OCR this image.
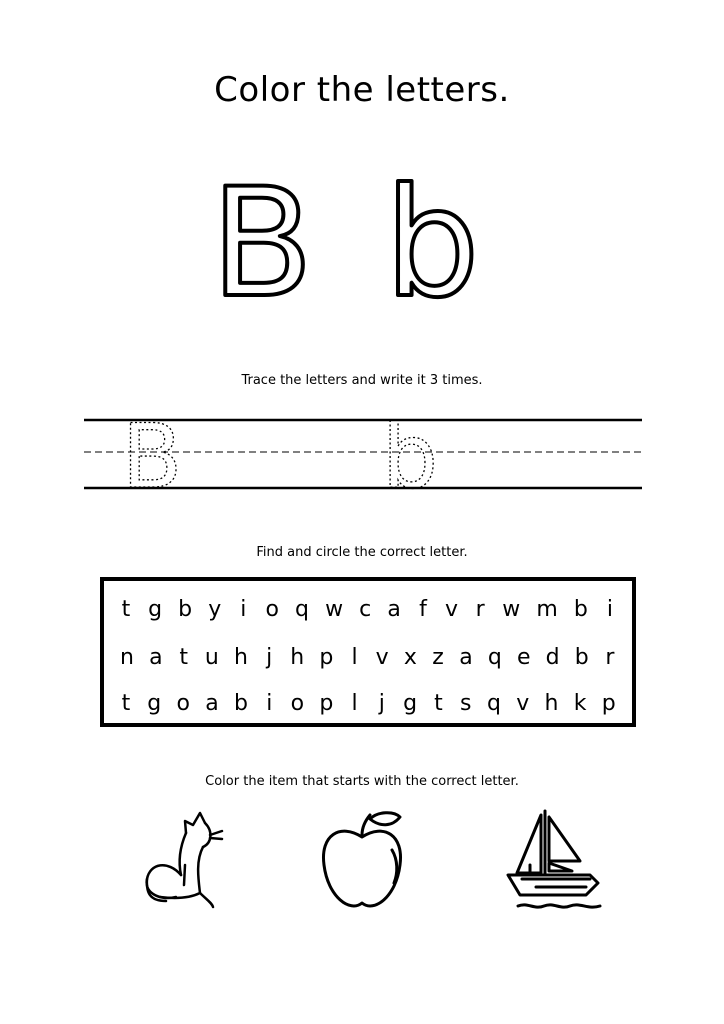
Color the letters.
B b
Trace the letters and write it 3 times.
B b
Find and circle the correct letter.
t g b y i o q w c a f v r w m b i
n a t u h j h p l v x z a q e d b r
t g o a b i o p l j g t s q v h k p
Color the item that starts with the correct letter.
